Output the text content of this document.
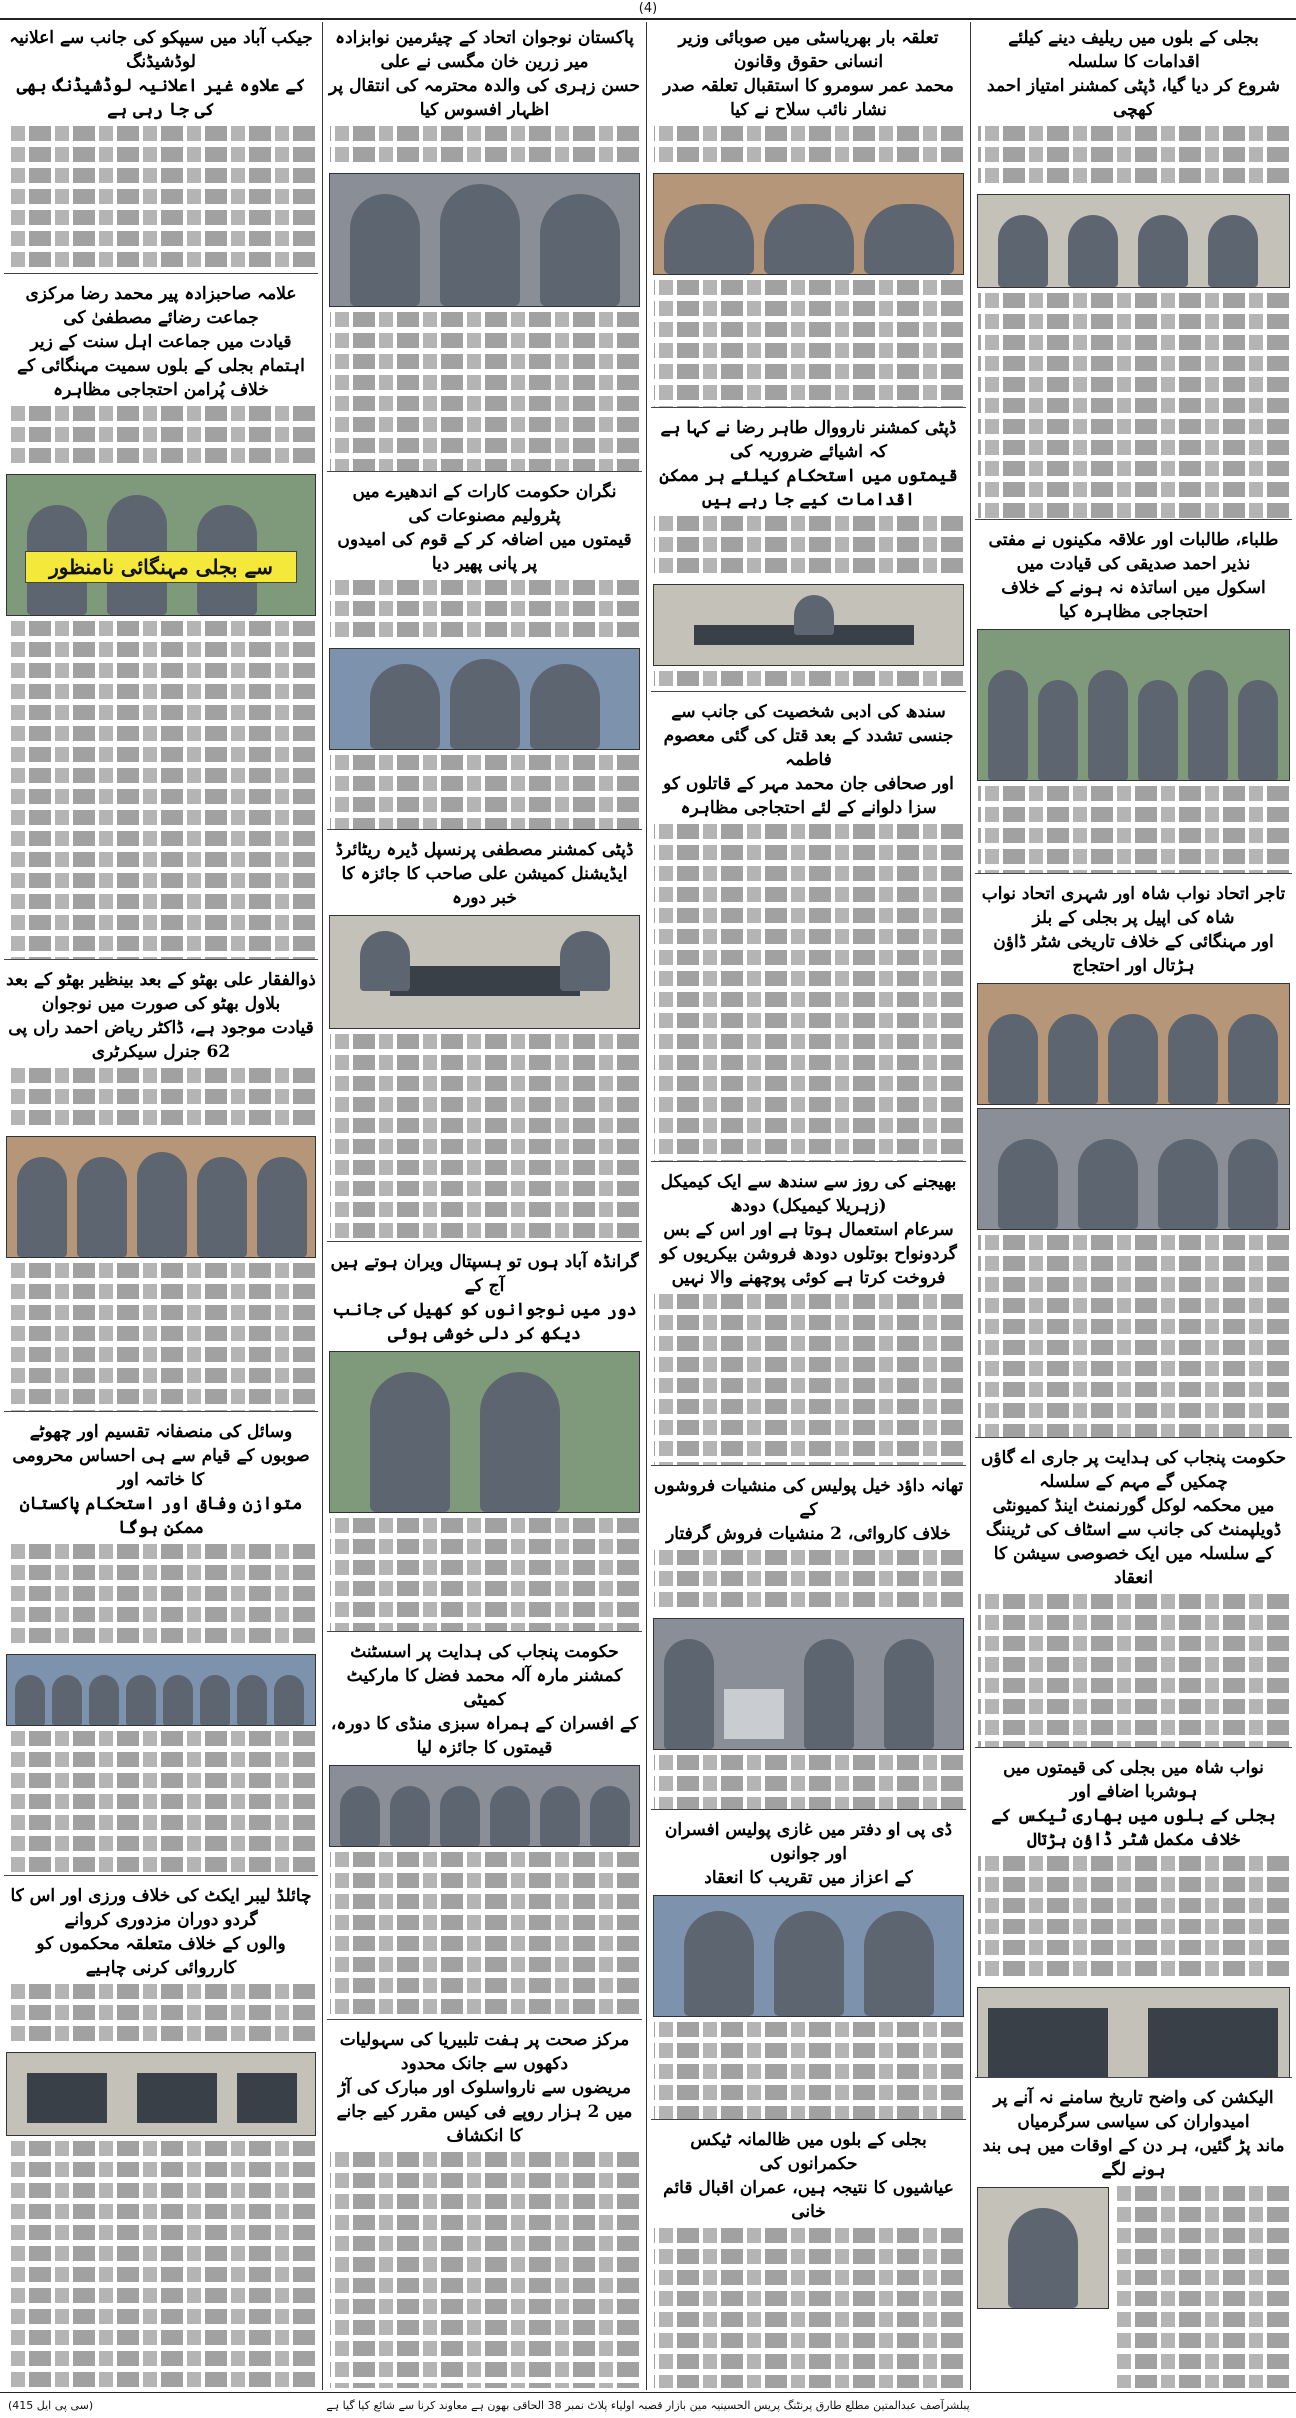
(4)
جیکب آباد میں سیپکو کی جانب سے اعلانیہ لوڈشیڈنگ
کے علاوہ غیر اعلانیہ لوڈشیڈنگ بھی کی جا رہی ہے
علامہ صاحبزادہ پیر محمد رضا مرکزی جماعت رضائے مصطفیٰ کی
قیادت میں جماعت اہل سنت کے زیر اہتمام بجلی کے بلوں سمیت مہنگائی کے خلاف پُرامن احتجاجی مظاہرہ
سے بجلی مہنگائی نامنظور
ذوالفقار علی بھٹو کے بعد بینظیر بھٹو کے بعد بلاول بھٹو کی صورت میں نوجوان
قیادت موجود ہے، ڈاکٹر ریاض احمد راں پی 62 جنرل سیکرٹری
وسائل کی منصفانہ تقسیم اور چھوٹے صوبوں کے قیام سے ہی احساس محرومی کا خاتمہ اور
متوازن وفاق اور استحکام پاکستان ممکن ہوگا
چائلڈ لیبر ایکٹ کی خلاف ورزی اور اس کا گردو دوران مزدوری کروانے
والوں کے خلاف متعلقہ محکموں کو کارروائی کرنی چاہیے
پاکستان نوجوان اتحاد کے چیئرمین نوابزادہ میر زرین خان مگسی نے علی
حسن زہری کی والدہ محترمہ کی انتقال پر اظہار افسوس کیا
نگران حکومت کارات کے اندھیرے میں پٹرولیم مصنوعات کی
قیمتوں میں اضافہ کر کے قوم کی امیدوں پر پانی پھیر دیا
ڈپٹی کمشنر مصطفی پرنسپل ڈیرہ ریٹائرڈ ایڈیشنل کمیشن علی صاحب کا جائزہ کا خبر دورہ
گرانڈہ آباد ہوں تو ہسپتال ویران ہوتے ہیں آج کے
دور میں نوجوانوں کو کھیل کی جانب دیکھ کر دلی خوشی ہوئی
حکومت پنجاب کی ہدایت پر اسسٹنٹ کمشنر مارہ آلہ محمد فضل کا مارکیٹ کمیٹی
کے افسران کے ہمراہ سبزی منڈی کا دورہ، قیمتوں کا جائزہ لیا
مرکز صحت پر ہفت تلبیریا کی سہولیات دکھوں سے جانک محدود
مریضوں سے نارواسلوک اور مبارک کی آڑ میں 2 ہزار روپے فی کیس مقرر کیے جانے کا انکشاف
تعلقہ بار بھریاسٹی میں صوبائی وزیر انسانی حقوق وقانون
محمد عمر سومرو کا استقبال تعلقہ صدر نشار نائب سلاح نے کیا
ڈپٹی کمشنر نارووال طاہر رضا نے کہا ہے کہ اشیائے ضروریہ کی
قیمتوں میں استحکام کیلئے ہر ممکن اقدامات کیے جا رہے ہیں
سندھ کی ادبی شخصیت کی جانب سے جنسی تشدد کے بعد قتل کی گئی معصوم فاطمہ
اور صحافی جان محمد مہر کے قاتلوں کو سزا دلوانے کے لئے احتجاجی مظاہرہ
بھیجنے کی روز سے سندھ سے ایک کیمیکل (زہریلا کیمیکل) دودھ
سرعام استعمال ہوتا ہے اور اس کے بس گردونواح بوتلوں دودھ فروشن بیکریوں کو فروخت کرتا ہے کوئی پوچھنے والا نہیں
تھانہ داؤد خیل پولیس کی منشیات فروشوں کے
خلاف کاروائی، 2 منشیات فروش گرفتار
ڈی پی او دفتر میں غازی پولیس افسران اور جوانوں
کے اعزاز میں تقریب کا انعقاد
بجلی کے بلوں میں ظالمانہ ٹیکس حکمرانوں کی
عیاشیوں کا نتیجہ ہیں، عمران اقبال قائم خانی
بجلی کے بلوں میں ریلیف دینے کیلئے اقدامات کا سلسلہ
شروع کر دیا گیا، ڈپٹی کمشنر امتیاز احمد کھچی
طلباء، طالبات اور علاقہ مکینوں نے مفتی نذیر احمد صدیقی کی قیادت میں
اسکول میں اساتذہ نہ ہونے کے خلاف احتجاجی مظاہرہ کیا
تاجر اتحاد نواب شاہ اور شہری اتحاد نواب شاہ کی اپیل پر بجلی کے بلز
اور مہنگائی کے خلاف تاریخی شٹر ڈاؤن ہڑتال اور احتجاج
حکومت پنجاب کی ہدایت پر جاری اے گاؤں چمکیں گے مہم کے سلسلہ
میں محکمہ لوکل گورنمنٹ اینڈ کمیونٹی ڈویلپمنٹ کی جانب سے اسٹاف کی ٹریننگ کے سلسلہ میں ایک خصوصی سیشن کا انعقاد
نواب شاہ میں بجلی کی قیمتوں میں ہوشربا اضافے اور
بجلی کے بلوں میں بھاری ٹیکس کے خلاف مکمل شٹر ڈاؤن ہڑتال
الیکشن کی واضح تاریخ سامنے نہ آنے پر امیدواران کی سیاسی سرگرمیاں
ماند پڑ گئیں، ہر دن کے اوقات میں ہی بند ہونے لگے
پبلشرآصف عبدالمتین مطلع طارق پرنٹنگ پریس الحسینیہ مین بازار قصبہ اولیاء پلاٹ نمبر 38 الحاقی بھون ہے معاوند کرنا سے شائع کیا گیا ہے
(سی پی ایل 415)
